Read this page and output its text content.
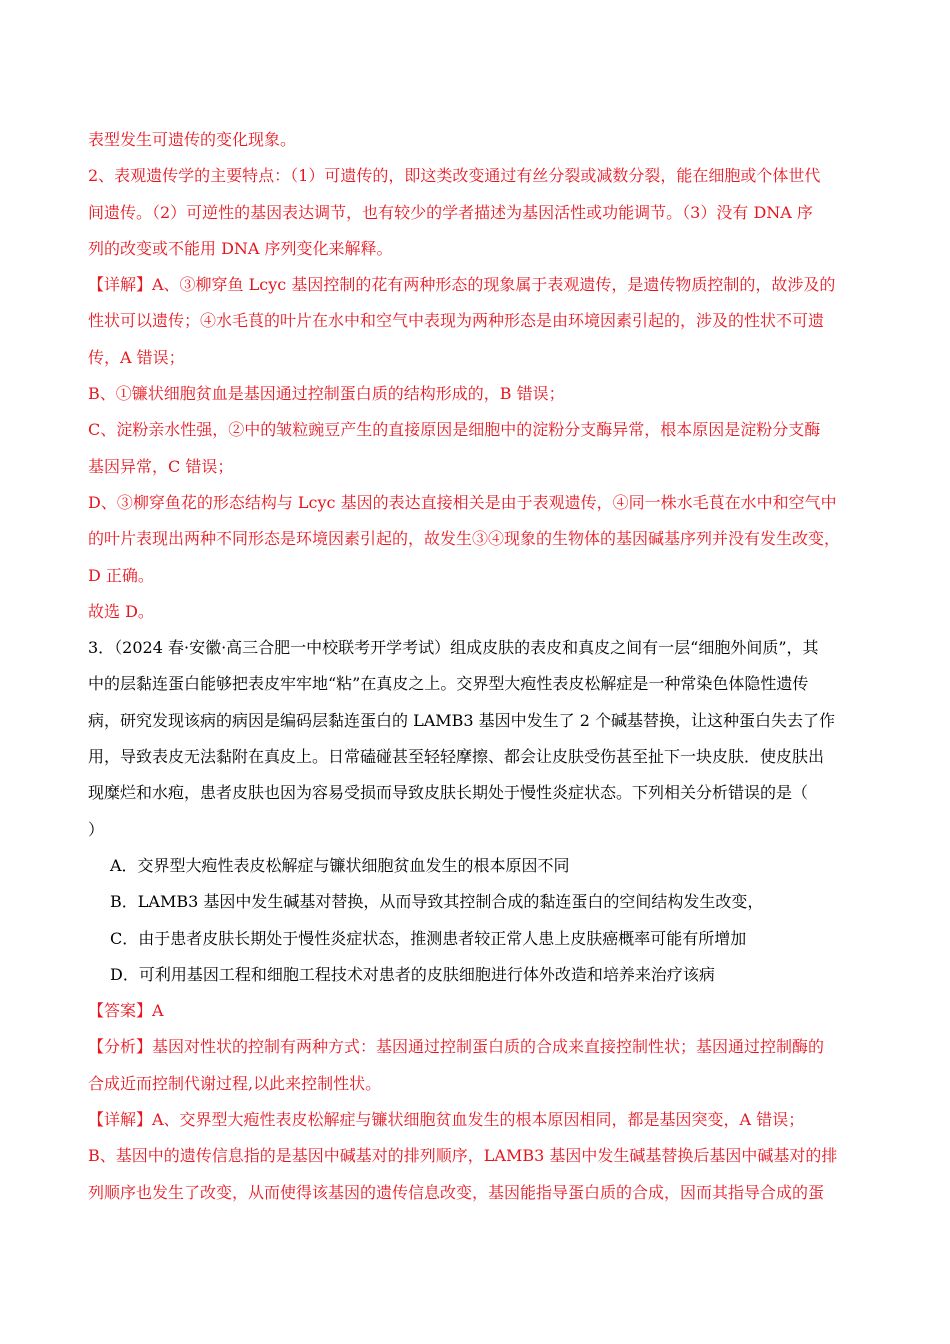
表型发生可遗传的变化现象。
2、表观遗传学的主要特点：（1）可遗传的，即这类改变通过有丝分裂或减数分裂，能在细胞或个体世代
间遗传。（2）可逆性的基因表达调节，也有较少的学者描述为基因活性或功能调节。（3）没有 DNA 序
列的改变或不能用 DNA 序列变化来解释。
【详解】A、③柳穿鱼 Lcyc 基因控制的花有两种形态的现象属于表观遗传，是遗传物质控制的，故涉及的
性状可以遗传；④水毛茛的叶片在水中和空气中表现为两种形态是由环境因素引起的，涉及的性状不可遗
传，A 错误；
B、①镰状细胞贫血是基因通过控制蛋白质的结构形成的，B 错误；
C、淀粉亲水性强，②中的皱粒豌豆产生的直接原因是细胞中的淀粉分支酶异常，根本原因是淀粉分支酶
基因异常，C 错误；
D、③柳穿鱼花的形态结构与 Lcyc 基因的表达直接相关是由于表观遗传，④同一株水毛茛在水中和空气中
的叶片表现出两种不同形态是环境因素引起的，故发生③④现象的生物体的基因碱基序列并没有发生改变，
D 正确。
故选 D。
3．（2024 春·安徽·高三合肥一中校联考开学考试）组成皮肤的表皮和真皮之间有一层“细胞外间质”，其
中的层黏连蛋白能够把表皮牢牢地“粘”在真皮之上。交界型大疱性表皮松解症是一种常染色体隐性遗传
病，研究发现该病的病因是编码层黏连蛋白的 LAMB3 基因中发生了 2 个碱基替换，让这种蛋白失去了作
用，导致表皮无法黏附在真皮上。日常磕碰甚至轻轻摩擦、都会让皮肤受伤甚至扯下一块皮肤．使皮肤出
现糜烂和水疱，患者皮肤也因为容易受损而导致皮肤长期处于慢性炎症状态。下列相关分析错误的是（
）
A．交界型大疱性表皮松解症与镰状细胞贫血发生的根本原因不同
B．LAMB3 基因中发生碱基对替换，从而导致其控制合成的黏连蛋白的空间结构发生改变，
C．由于患者皮肤长期处于慢性炎症状态，推测患者较正常人患上皮肤癌概率可能有所增加
D．可利用基因工程和细胞工程技术对患者的皮肤细胞进行体外改造和培养来治疗该病
【答案】A
【分析】基因对性状的控制有两种方式：基因通过控制蛋白质的合成来直接控制性状；基因通过控制酶的
合成近而控制代谢过程,以此来控制性状。
【详解】A、交界型大疱性表皮松解症与镰状细胞贫血发生的根本原因相同，都是基因突变，A 错误；
B、基因中的遗传信息指的是基因中碱基对的排列顺序，LAMB3 基因中发生碱基替换后基因中碱基对的排
列顺序也发生了改变，从而使得该基因的遗传信息改变，基因能指导蛋白质的合成，因而其指导合成的蛋
